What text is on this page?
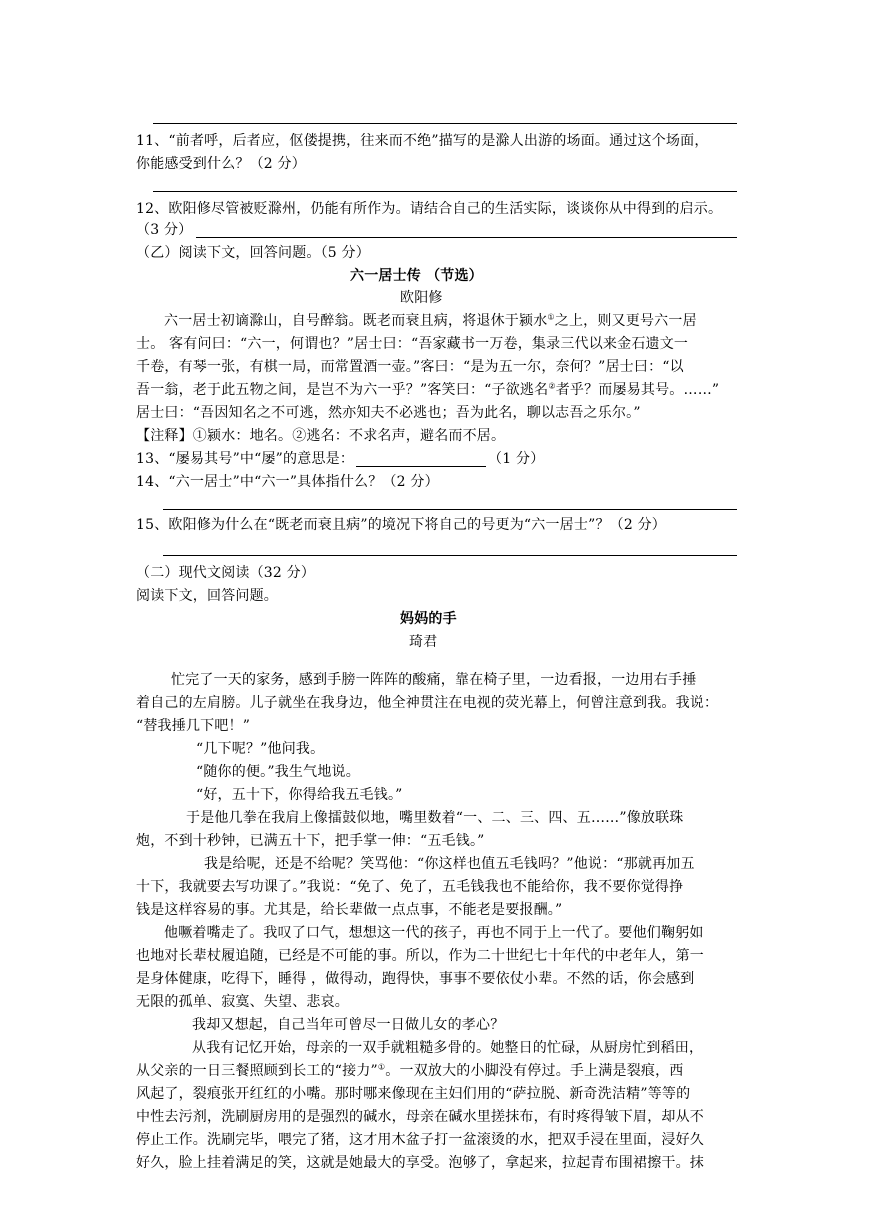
11、“前者呼，后者应，伛偻提携，往来而不绝”描写的是滁人出游的场面。通过这个场面，
你能感受到什么？（2 分）
12、欧阳修尽管被贬滁州，仍能有所作为。请结合自己的生活实际，谈谈你从中得到的启示。
（3 分）
（乙）阅读下文，回答问题。（5 分）
六一居士传 （节选）
欧阳修
六一居士初谪滁山，自号醉翁。既老而衰且病，将退休于颍水①之上，则又更号六一居
士。 客有问曰：“六一，何谓也？”居士曰：“吾家藏书一万卷，集录三代以来金石遗文一
千卷，有琴一张，有棋一局，而常置酒一壶。”客曰：“是为五一尔，奈何？”居士曰：“以
吾一翁，老于此五物之间，是岂不为六一乎？”客笑曰：“子欲逃名②者乎？而屡易其号。……”
居士曰：“吾因知名之不可逃，然亦知夫不必逃也；吾为此名，聊以志吾之乐尔。”
【注释】①颍水：地名。②逃名：不求名声，避名而不居。
13、“屡易其号”中“屡”的意思是：	（1 分）
14、“六一居士”中“六一”具体指什么？（2 分）
15、欧阳修为什么在“既老而衰且病”的境况下将自己的号更为“六一居士”？（2 分）
（二）现代文阅读（32 分）
阅读下文，回答问题。
妈妈的手
琦君
忙完了一天的家务，感到手膀一阵阵的酸痛，靠在椅子里，一边看报，一边用右手捶
着自己的左肩膀。儿子就坐在我身边，他全神贯注在电视的荧光幕上，何曾注意到我。我说：
“替我捶几下吧！”
“几下呢？”他问我。
“随你的便。”我生气地说。
“好，五十下，你得给我五毛钱。”
于是他几拳在我肩上像擂鼓似地，嘴里数着“一、二、三、四、五……”像放联珠
炮，不到十秒钟，已满五十下，把手掌一伸：“五毛钱。”
我是给呢，还是不给呢？笑骂他：“你这样也值五毛钱吗？”他说：“那就再加五
十下，我就要去写功课了。”我说：“免了、免了，五毛钱我也不能给你，我不要你觉得挣
钱是这样容易的事。尤其是，给长辈做一点点事，不能老是要报酬。”
他噘着嘴走了。我叹了口气，想想这一代的孩子，再也不同于上一代了。要他们鞠躬如
也地对长辈杖履追随，已经是不可能的事。所以，作为二十世纪七十年代的中老年人，第一
是身体健康，吃得下，睡得 ，做得动，跑得快，事事不要依仗小辈。不然的话，你会感到
无限的孤单、寂寞、失望、悲哀。
我却又想起，自己当年可曾尽一日做儿女的孝心？
从我有记忆开始，母亲的一双手就粗糙多骨的。她整日的忙碌，从厨房忙到稻田，
从父亲的一日三餐照顾到长工的“接力”①。一双放大的小脚没有停过。手上满是裂痕，西
风起了，裂痕张开红红的小嘴。那时哪来像现在主妇们用的“萨拉脱、新奇洗洁精”等等的
中性去污剂，洗刷厨房用的是强烈的碱水，母亲在碱水里搓抹布，有时疼得皱下眉，却从不
停止工作。洗刷完毕，喂完了猪，这才用木盆子打一盆滚烫的水，把双手浸在里面，浸好久
好久，脸上挂着满足的笑，这就是她最大的享受。泡够了，拿起来，拉起青布围裙擦干。抹
